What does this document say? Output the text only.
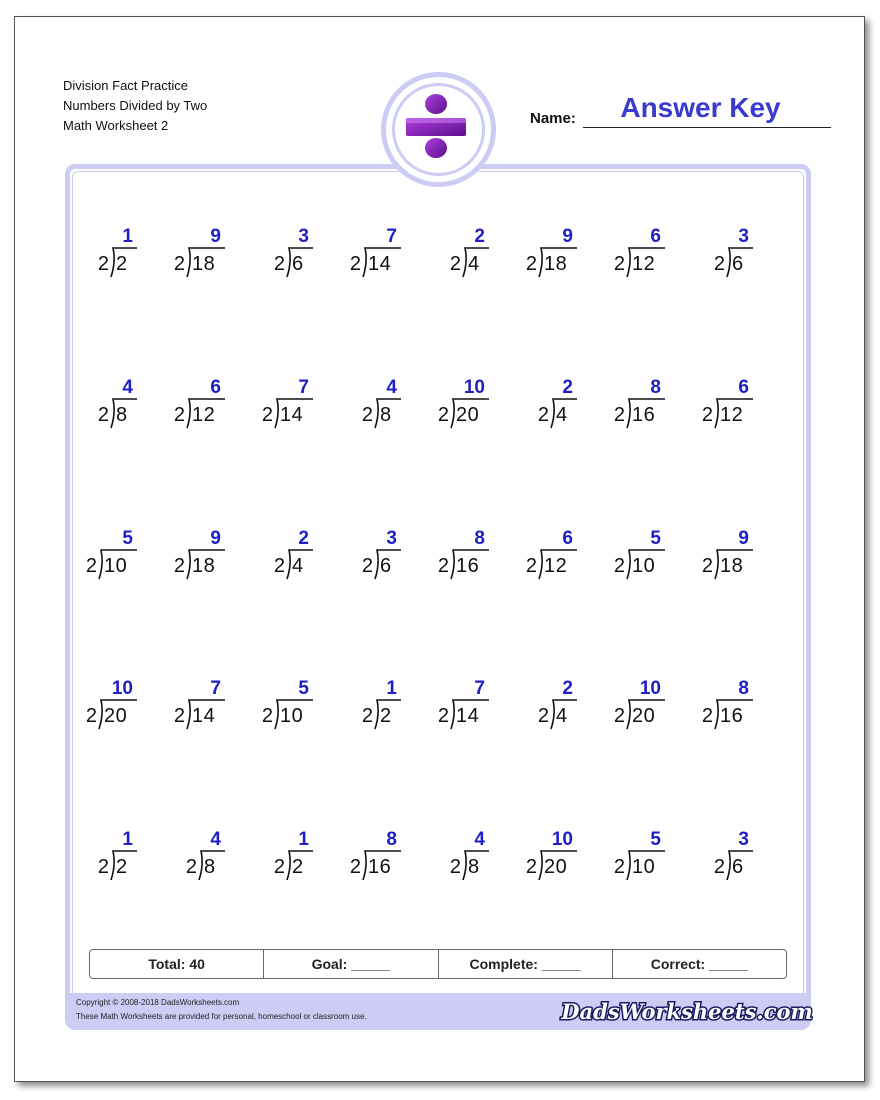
Division Fact Practice
Numbers Divided by Two
Math Worksheet 2	Name:	Answer Key
1
2
2
9
18
2
3
6
2
7
14
2
2
4
2
9
18
2
6
12
2
3
6
2
4
8
2
6
12
2
7
14
2
4
8
2
10
20
2
2
4
2
8
16
2
6
12
2
5
10
2
9
18
2
2
4
2
3
6
2
8
16
2
6
12
2
5
10
2
9
18
2
10
20
2
7
14
2
5
10
2
1
2
2
7
14
2
2
4
2
10
20
2
8
16
2
1
2
2
4
8
2
1
2
2
8
16
2
4
8
2
10
20
2
5
10
2
3
6
2
Total: 40	Goal: _____	Complete: _____	Correct: _____
Copyright © 2008-2018 DadsWorksheets.com
These Math Worksheets are provided for personal, homeschool or classroom use.	DadsWorksheets.com
